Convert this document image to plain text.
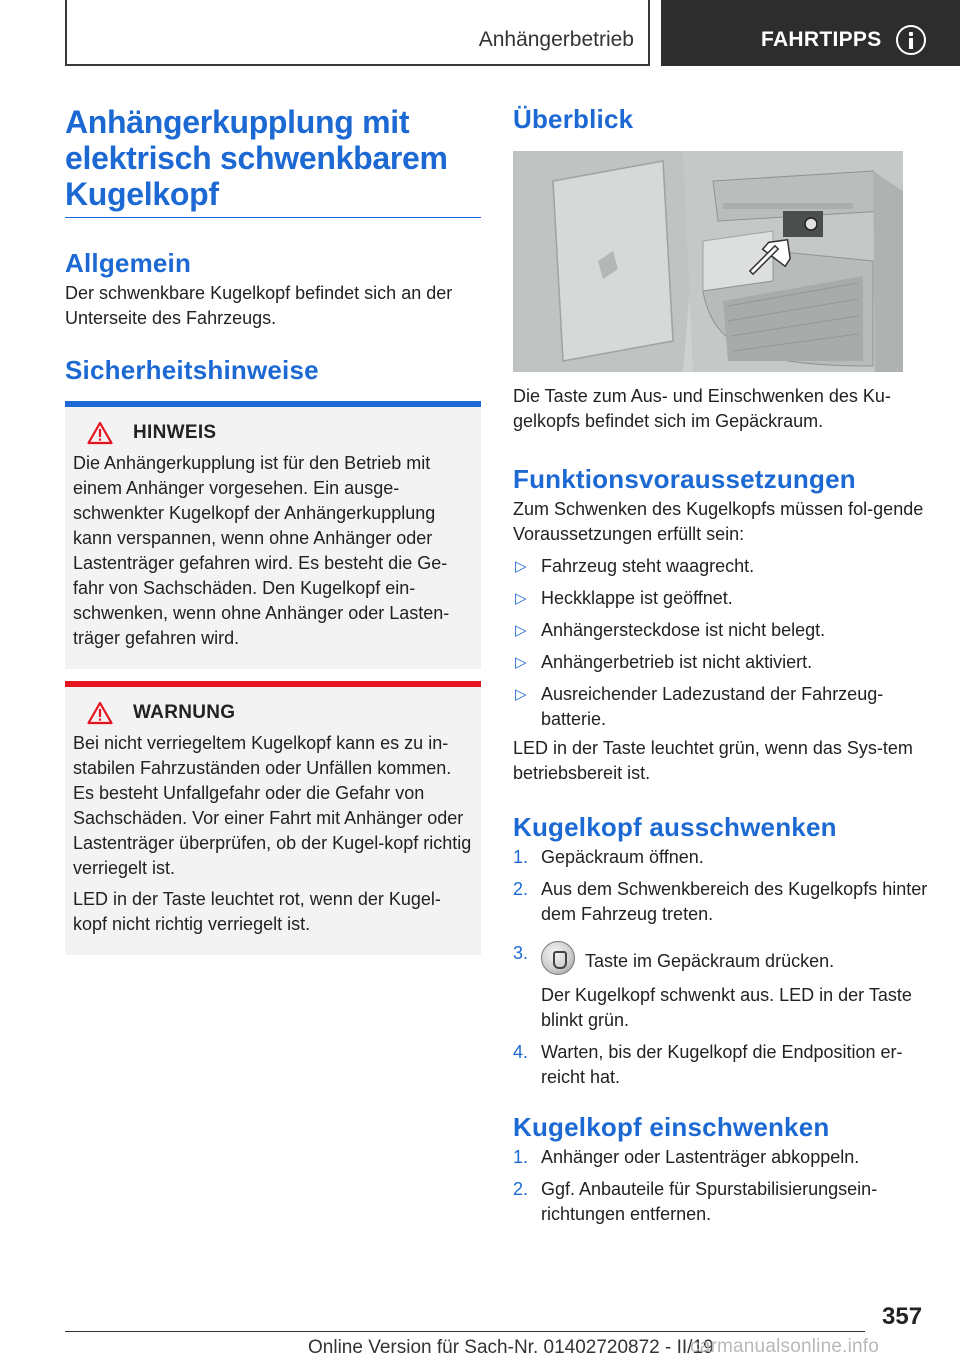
Anhängerbetrieb	FAHRTIPPS
Anhängerkupplung mit elektrisch schwenkbarem Kugelkopf
Allgemein

Der schwenkbare Kugelkopf befindet sich an der Unterseite des Fahrzeugs.

Sicherheitshinweise
HINWEIS

Die Anhängerkupplung ist für den Betrieb mit einem Anhänger vorgesehen. Ein ausge-schwenkter Kugelkopf der Anhängerkupplung kann verspannen, wenn ohne Anhänger oder Lastenträger gefahren wird. Es besteht die Ge-fahr von Sachschäden. Den Kugelkopf ein-schwenken, wenn ohne Anhänger oder Lasten-träger gefahren wird.

WARNUNG

Bei nicht verriegeltem Kugelkopf kann es zu in-stabilen Fahrzuständen oder Unfällen kommen. Es besteht Unfallgefahr oder die Gefahr von Sachschäden. Vor einer Fahrt mit Anhänger oder Lastenträger überprüfen, ob der Kugel-kopf richtig verriegelt ist.

LED in der Taste leuchtet rot, wenn der Kugel-kopf nicht richtig verriegelt ist.

Überblick

Die Taste zum Aus- und Einschwenken des Ku-gelkopfs befindet sich im Gepäckraum.

Funktionsvoraussetzungen

Zum Schwenken des Kugelkopfs müssen fol-gende Voraussetzungen erfüllt sein:

▷ Fahrzeug steht waagrecht.
▷ Heckklappe ist geöffnet.
▷ Anhängersteckdose ist nicht belegt.
▷ Anhängerbetrieb ist nicht aktiviert.
▷ Ausreichender Ladezustand der Fahrzeug-batterie.

LED in der Taste leuchtet grün, wenn das Sys-tem betriebsbereit ist.

Kugelkopf ausschwenken
1. Gepäckraum öffnen.
2. Aus dem Schwenkbereich des Kugelkopfs hinter dem Fahrzeug treten.
3.	Taste im Gepäckraum drücken.
Der Kugelkopf schwenkt aus. LED in der Taste blinkt grün.
4. Warten, bis der Kugelkopf die Endposition er-reicht hat.
Kugelkopf einschwenken
1. Anhänger oder Lastenträger abkoppeln.
2. Ggf. Anbauteile für Spurstabilisierungsein-richtungen entfernen.
357
Online Version für Sach-Nr. 01402720872 - II/19
carmanualsonline.info
